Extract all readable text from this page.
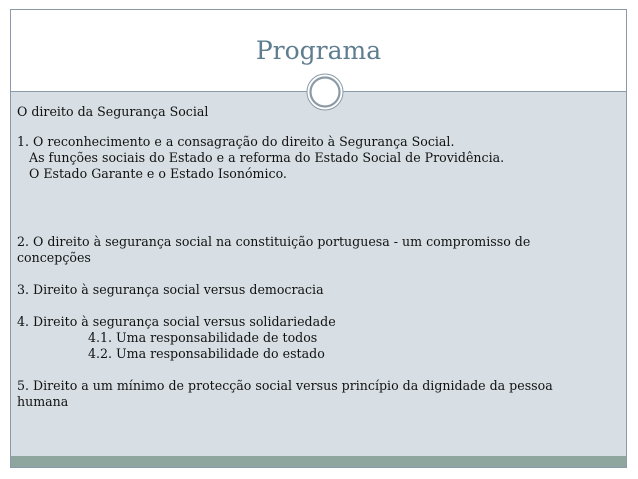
Programa

O direito da Segurança Social

1. O reconhecimento e a consagração do direito à Segurança Social.

As funções sociais do Estado e a reforma do Estado Social de Providência.

O Estado Garante e o Estado Isonómico.

2. O direito à segurança social na constituição portuguesa - um compromisso de

concepções

3. Direito à segurança social versus democracia

4. Direito à segurança social versus solidariedade

4.1. Uma responsabilidade de todos

4.2. Uma responsabilidade do estado

5. Direito a um mínimo de protecção social versus princípio da dignidade da pessoa

humana
